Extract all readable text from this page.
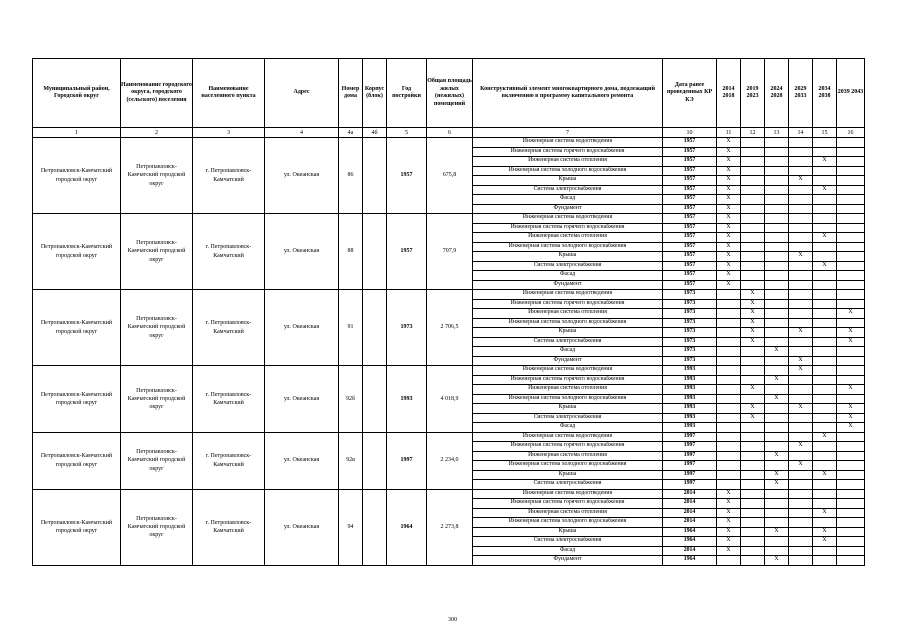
Муниципальный район, Городской округ	Наименование городского округа, городского (сельского) поселения	Наименование населенного пункта	Адрес	Номер дома	Корпус (блок)	Год постройки	Общая площадь жилых (нежилых) помещений	Конструктивный элемент многоквартирного дома, подлежащий включению в программу капитального ремонта	Дата ранее проведенных КР КЭ	2014 2018	2019 2023	2024 2028	2029 2033	2034 2038	2039 2043
1	2	3	4	4а	4б	5	6	7	10	11	12	13	14	15	16
Петропавловск-Камчатский городской округ	Петропавловск-Камчатский городской округ	г. Петропавловск-Камчатский	ул. Океанская	86		1957	675,8	Инженерная система водоотведения	1957	X					
								Инженерная система горячего водоснабжения	1957	X					
								Инженерная система отопления	1957	X				X	
								Инженерная система холодного водоснабжения	1957	X					
								Крыша	1957	X			X		
								Система электроснабжения	1957	X				X	
								Фасад	1957	X					
								Фундамент	1957	X					
Петропавловск-Камчатский городской округ	Петропавловск-Камчатский городской округ	г. Петропавловск-Камчатский	ул. Океанская	88		1957	707,9	Инженерная система водоотведения	1957	X					
								Инженерная система горячего водоснабжения	1957	X					
								Инженерная система отопления	1957	X				X	
								Инженерная система холодного водоснабжения	1957	X					
								Крыша	1957	X			X		
								Система электроснабжения	1957	X				X	
								Фасад	1957	X					
								Фундамент	1957	X					
Петропавловск-Камчатский городской округ	Петропавловск-Камчатский городской округ	г. Петропавловск-Камчатский	ул. Океанская	91		1973	2 706,5	Инженерная система водоотведения	1973		X				
								Инженерная система горячего водоснабжения	1973		X				
								Инженерная система отопления	1973		X				X
								Инженерная система холодного водоснабжения	1973		X				
								Крыша	1973		X		X		X
								Система электроснабжения	1973		X				X
								Фасад	1973			X			
								Фундамент	1973				X		
Петропавловск-Камчатский городской округ	Петропавловск-Камчатский городской округ	г. Петропавловск-Камчатский	ул. Океанская	92б		1993	4 018,9	Инженерная система водоотведения	1993				X		
								Инженерная система горячего водоснабжения	1993			X			
								Инженерная система отопления	1993		X				X
								Инженерная система холодного водоснабжения	1993			X			
								Крыша	1993		X		X		X
								Система электроснабжения	1993		X				X
								Фасад	1993						X
Петропавловск-Камчатский городской округ	Петропавловск-Камчатский городской округ	г. Петропавловск-Камчатский	ул. Океанская	92в		1997	2 234,0	Инженерная система водоотведения	1997					X	
								Инженерная система горячего водоснабжения	1997				X		
								Инженерная система отопления	1997			X			
								Инженерная система холодного водоснабжения	1997				X		
								Крыша	1997			X		X	
								Система электроснабжения	1997			X			
Петропавловск-Камчатский городской округ	Петропавловск-Камчатский городской округ	г. Петропавловск-Камчатский	ул. Океанская	94		1964	2 273,8	Инженерная система водоотведения	2014	X					
								Инженерная система горячего водоснабжения	2014	X					
								Инженерная система отопления	2014	X				X	
								Инженерная система холодного водоснабжения	2014	X					
								Крыша	1964	X		X		X	
								Система электроснабжения	1964	X				X	
								Фасад	2014	X					
								Фундамент	1964			X			
300
